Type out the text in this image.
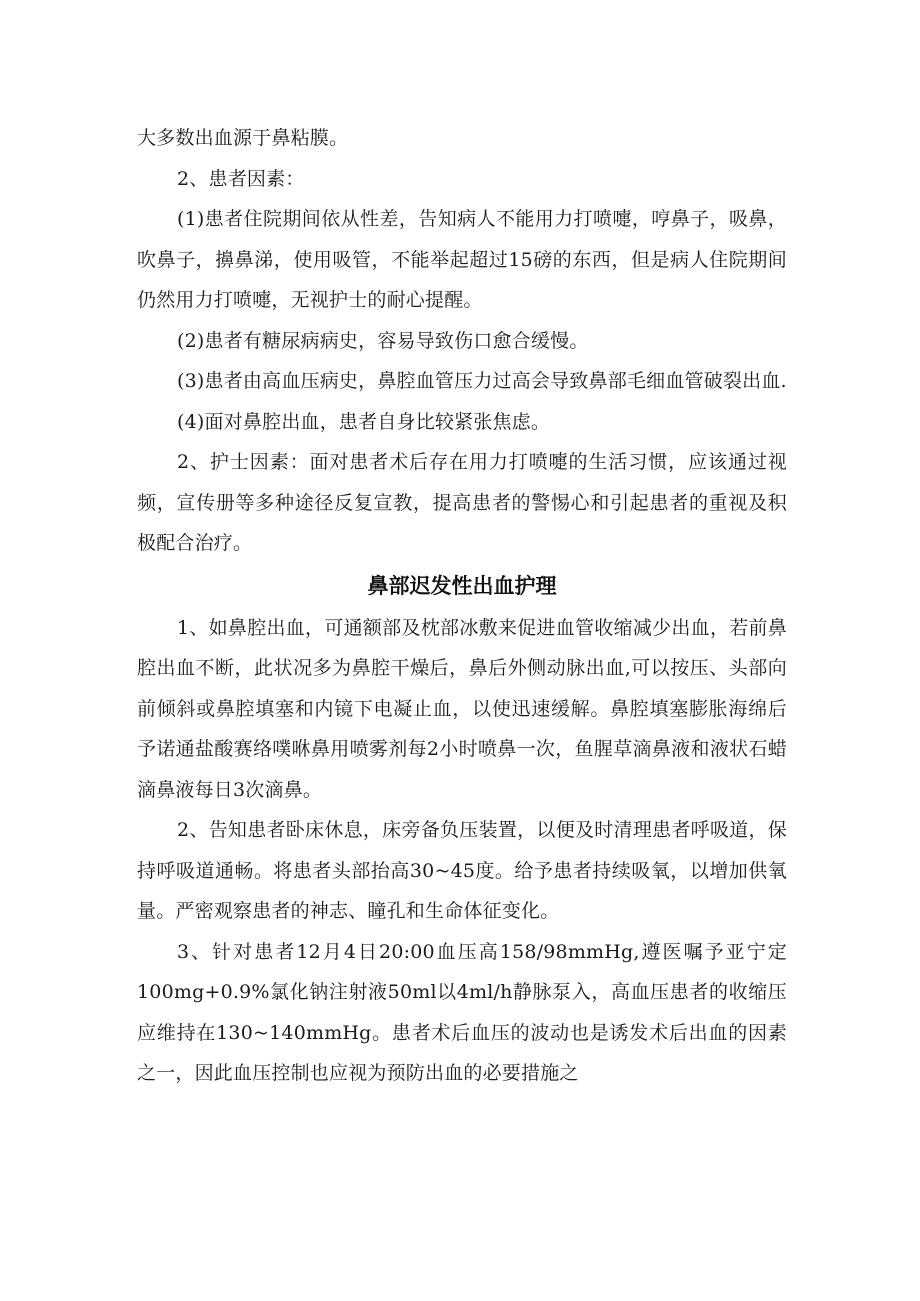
大多数出血源于鼻粘膜。

2、患者因素：

(1)患者住院期间依从性差，告知病人不能用力打喷嚏，哼鼻子，吸鼻，吹鼻子，擤鼻涕，使用吸管，不能举起超过15磅的东西，但是病人住院期间仍然用力打喷嚏，无视护士的耐心提醒。

(2)患者有糖尿病病史，容易导致伤口愈合缓慢。

(3)患者由高血压病史，鼻腔血管压力过高会导致鼻部毛细血管破裂出血.

(4)面对鼻腔出血，患者自身比较紧张焦虑。

2、护士因素：面对患者术后存在用力打喷嚏的生活习惯，应该通过视频，宣传册等多种途径反复宣教，提高患者的警惕心和引起患者的重视及积极配合治疗。

鼻部迟发性出血护理

1、如鼻腔出血，可通额部及枕部冰敷来促进血管收缩减少出血，若前鼻腔出血不断，此状况多为鼻腔干燥后，鼻后外侧动脉出血,可以按压、头部向前倾斜或鼻腔填塞和内镜下电凝止血，以使迅速缓解。鼻腔填塞膨胀海绵后予诺通盐酸赛络噗咻鼻用喷雾剂每2小时喷鼻一次，鱼腥草滴鼻液和液状石蜡滴鼻液每日3次滴鼻。

2、告知患者卧床休息，床旁备负压装置，以便及时清理患者呼吸道，保持呼吸道通畅。将患者头部抬高30~45度。给予患者持续吸氧，以增加供氧量。严密观察患者的神志、瞳孔和生命体征变化。

3、针对患者12月4日20:00血压高158/98mmHg,遵医嘱予亚宁定100mg+0.9%氯化钠注射液50ml以4ml/h静脉泵入，高血压患者的收缩压应维持在130~140mmHg。患者术后血压的波动也是诱发术后出血的因素之一，因此血压控制也应视为预防出血的必要措施之
